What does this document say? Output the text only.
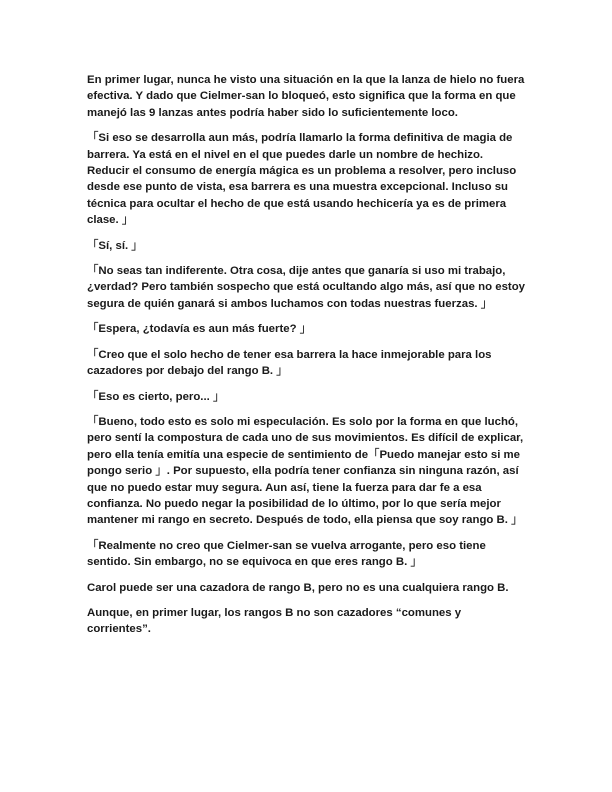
En primer lugar, nunca he visto una situación en la que la lanza de hielo no fuera efectiva. Y dado que Cielmer-san lo bloqueó, esto significa que la forma en que manejó las 9 lanzas antes podría haber sido lo suficientemente loco.

「Si eso se desarrolla aun más, podría llamarlo la forma definitiva de magia de barrera. Ya está en el nivel en el que puedes darle un nombre de hechizo. Reducir el consumo de energía mágica es un problema a resolver, pero incluso desde ese punto de vista, esa barrera es una muestra excepcional. Incluso su técnica para ocultar el hecho de que está usando hechicería ya es de primera clase. 」

「Sí, sí. 」

「No seas tan indiferente. Otra cosa, dije antes que ganaría si uso mi trabajo, ¿verdad? Pero también sospecho que está ocultando algo más, así que no estoy segura de quién ganará si ambos luchamos con todas nuestras fuerzas. 」

「Espera, ¿todavía es aun más fuerte? 」

「Creo que el solo hecho de tener esa barrera la hace inmejorable para los cazadores por debajo del rango B. 」

「Eso es cierto, pero... 」

「Bueno, todo esto es solo mi especulación. Es solo por la forma en que luchó, pero sentí la compostura de cada uno de sus movimientos. Es difícil de explicar, pero ella tenía emitía una especie de sentimiento de「Puedo manejar esto si me pongo serio 」. Por supuesto, ella podría tener confianza sin ninguna razón, así que no puedo estar muy segura. Aun así, tiene la fuerza para dar fe a esa confianza. No puedo negar la posibilidad de lo último, por lo que sería mejor mantener mi rango en secreto. Después de todo, ella piensa que soy rango B. 」

「Realmente no creo que Cielmer-san se vuelva arrogante, pero eso tiene sentido. Sin embargo, no se equivoca en que eres rango B. 」

Carol puede ser una cazadora de rango B, pero no es una cualquiera rango B.

Aunque, en primer lugar, los rangos B no son cazadores “comunes y corrientes”.
